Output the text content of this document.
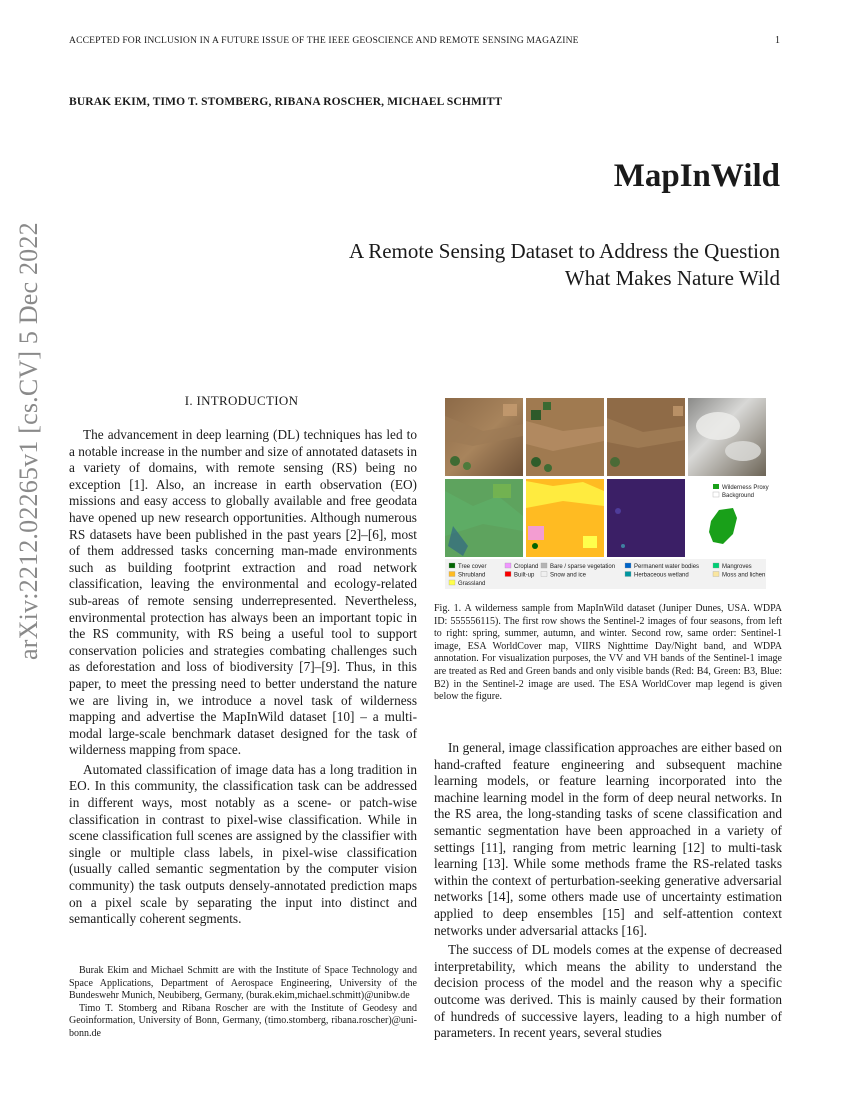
ACCEPTED FOR INCLUSION IN A FUTURE ISSUE OF THE IEEE GEOSCIENCE AND REMOTE SENSING MAGAZINE	1
BURAK EKIM, TIMO T. STOMBERG, RIBANA ROSCHER, MICHAEL SCHMITT
MapInWild
A Remote Sensing Dataset to Address the Question
What Makes Nature Wild
arXiv:2212.02265v1 [cs.CV] 5 Dec 2022	I. INTRODUCTION

The advancement in deep learning (DL) techniques has led to a notable increase in the number and size of annotated datasets in a variety of domains, with remote sensing (RS) being no exception [1]. Also, an increase in earth observation (EO) missions and easy access to globally available and free geodata have opened up new research opportunities. Although numerous RS datasets have been published in the past years [2]–[6], most of them addressed tasks concerning man-made environments such as building footprint extraction and road network classification, leaving the environmental and ecology-related sub-areas of remote sensing underrepresented. Nevertheless, environmental protection has always been an important topic in the RS community, with RS being a useful tool to support conservation policies and strategies combating challenges such as deforestation and loss of biodiversity [7]–[9]. Thus, in this paper, to meet the pressing need to better understand the nature we are living in, we introduce a novel task of wilderness mapping and advertise the MapInWild dataset [10] – a multi-modal large-scale benchmark dataset designed for the task of wilderness mapping from space.

Automated classification of image data has a long tradition in EO. In this community, the classification task can be addressed in different ways, most notably as a scene- or patch-wise classification in contrast to pixel-wise classification. While in scene classification full scenes are assigned by the classifier with single or multiple class labels, in pixel-wise classification (usually called semantic segmentation by the computer vision community) the task outputs densely-annotated prediction maps on a pixel scale by separating the input into distinct and semantically coherent segments.

Burak Ekim and Michael Schmitt are with the Institute of Space Technology and Space Applications, Department of Aerospace Engineering, University of the Bundeswehr Munich, Neubiberg, Germany, (burak.ekim,michael.schmitt)@unibw.de

Timo T. Stomberg and Ribana Roscher are with the Institute of Geodesy and Geoinformation, University of Bonn, Germany, (timo.stomberg, ribana.roscher)@uni-bonn.de

Wilderness Proxy
Background
Tree cover
Shrubland
Grassland
Cropland
Built-up
Bare / sparse vegetation
Snow and ice
Permanent water bodies
Herbaceous wetland
Mangroves
Moss and lichen
Fig. 1. A wilderness sample from MapInWild dataset (Juniper Dunes, USA. WDPA ID: 555556115). The first row shows the Sentinel-2 images of four seasons, from left to right: spring, summer, autumn, and winter. Second row, same order: Sentinel-1 image, ESA WorldCover map, VIIRS Nighttime Day/Night band, and WDPA annotation. For visualization purposes, the VV and VH bands of the Sentinel-1 image are treated as Red and Green bands and only visible bands (Red: B4, Green: B3, Blue: B2) in the Sentinel-2 image are used. The ESA WorldCover map legend is given below the figure.

In general, image classification approaches are either based on hand-crafted feature engineering and subsequent machine learning models, or feature learning incorporated into the machine learning model in the form of deep neural networks. In the RS area, the long-standing tasks of scene classification and semantic segmentation have been approached in a variety of settings [11], ranging from metric learning [12] to multi-task learning [13]. While some methods frame the RS-related tasks within the context of perturbation-seeking generative adversarial networks [14], some others made use of uncertainty estimation applied to deep ensembles [15] and self-attention context networks under adversarial attacks [16].

The success of DL models comes at the expense of decreased interpretability, which means the ability to understand the decision process of the model and the reason why a specific outcome was derived. This is mainly caused by their formation of hundreds of successive layers, leading to a high number of parameters. In recent years, several studies
